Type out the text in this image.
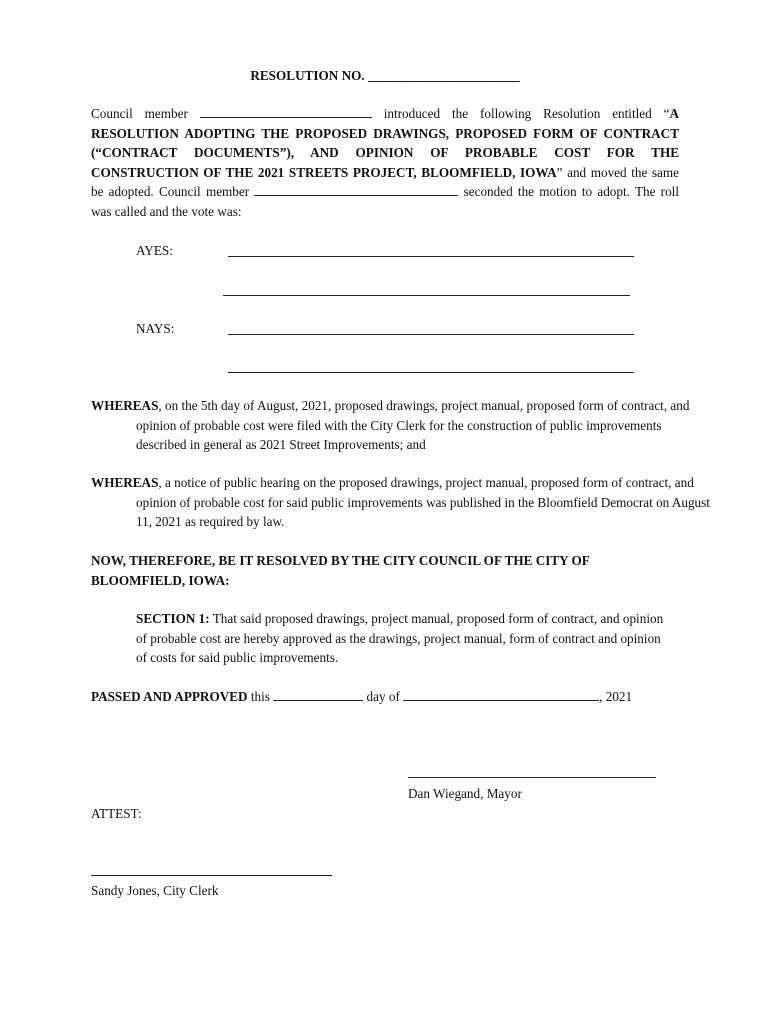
RESOLUTION NO. _______________________
Council member	introduced the following Resolution entitled “A RESOLUTION ADOPTING THE PROPOSED DRAWINGS, PROPOSED FORM OF CONTRACT (“CONTRACT DOCUMENTS”), AND OPINION OF PROBABLE COST FOR THE CONSTRUCTION OF THE 2021 STREETS PROJECT, BLOOMFIELD, IOWA” and moved the same be adopted. Council member	seconded the motion to adopt. The roll was called and the vote was:
AYES:
NAYS:
WHEREAS, on the 5th day of August, 2021, proposed drawings, project manual, proposed form of contract, and opinion of probable cost were filed with the City Clerk for the construction of public improvements described in general as 2021 Street Improvements; and
WHEREAS, a notice of public hearing on the proposed drawings, project manual, proposed form of contract, and opinion of probable cost for said public improvements was published in the Bloomfield Democrat on August 11, 2021 as required by law.
NOW, THEREFORE, BE IT RESOLVED BY THE CITY COUNCIL OF THE CITY OF BLOOMFIELD, IOWA:
SECTION 1: That said proposed drawings, project manual, proposed form of contract, and opinion of probable cost are hereby approved as the drawings, project manual, form of contract and opinion of costs for said public improvements.
PASSED AND APPROVED this	day of	, 2021
Dan Wiegand, Mayor
ATTEST:
Sandy Jones, City Clerk
